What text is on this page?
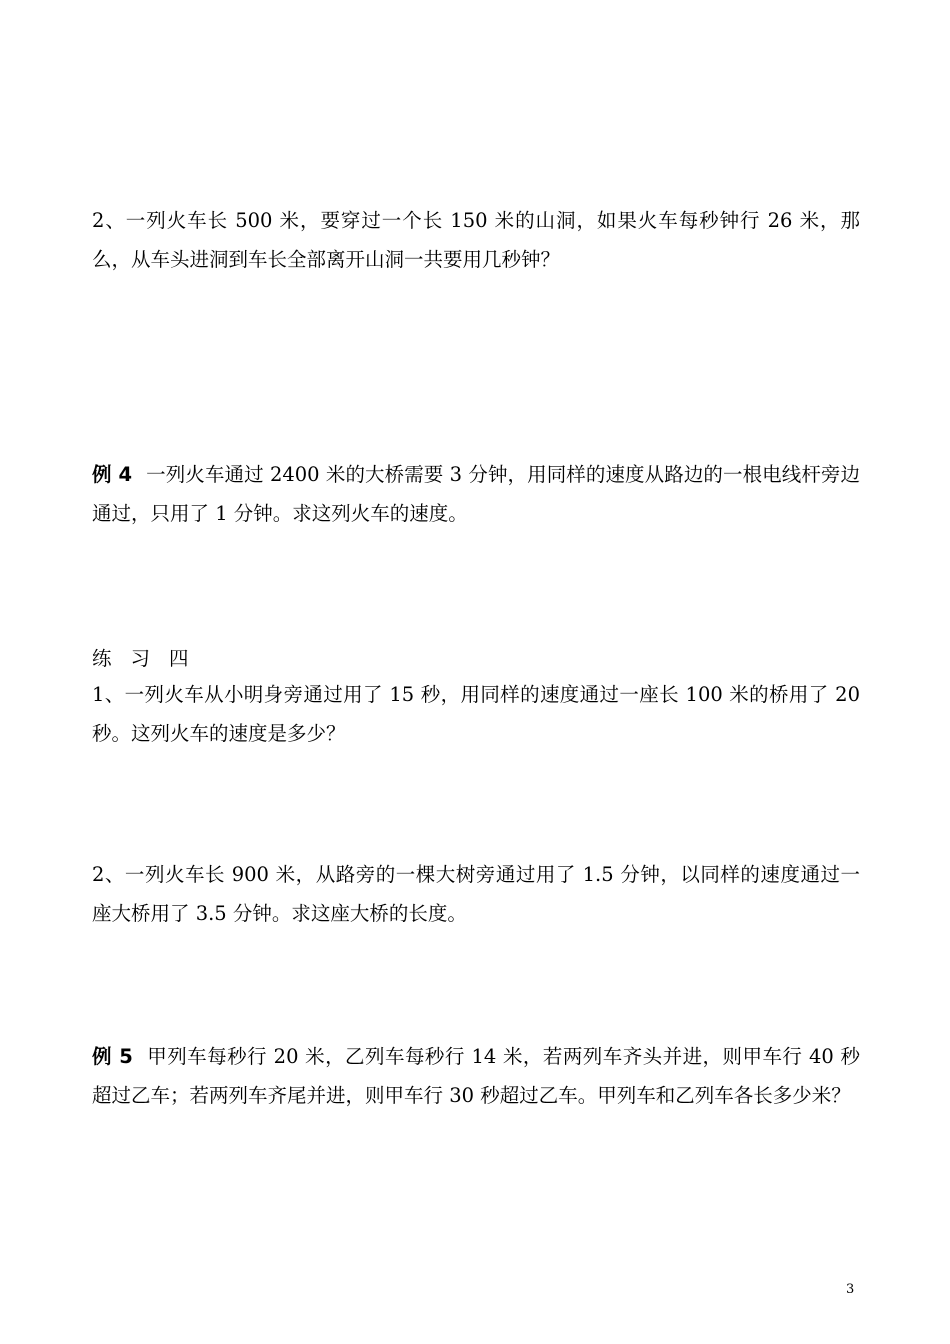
2、一列火车长 500 米，要穿过一个长 150 米的山洞，如果火车每秒钟行 26 米，那么，从车头进洞到车长全部离开山洞一共要用几秒钟？

例 4 一列火车通过 2400 米的大桥需要 3 分钟，用同样的速度从路边的一根电线杆旁边通过，只用了 1 分钟。求这列火车的速度。

练习四

1、一列火车从小明身旁通过用了 15 秒，用同样的速度通过一座长 100 米的桥用了 20 秒。这列火车的速度是多少？

2、一列火车长 900 米，从路旁的一棵大树旁通过用了 1.5 分钟，以同样的速度通过一座大桥用了 3.5 分钟。求这座大桥的长度。

例 5 甲列车每秒行 20 米，乙列车每秒行 14 米，若两列车齐头并进，则甲车行 40 秒超过乙车；若两列车齐尾并进，则甲车行 30 秒超过乙车。甲列车和乙列车各长多少米？

3
